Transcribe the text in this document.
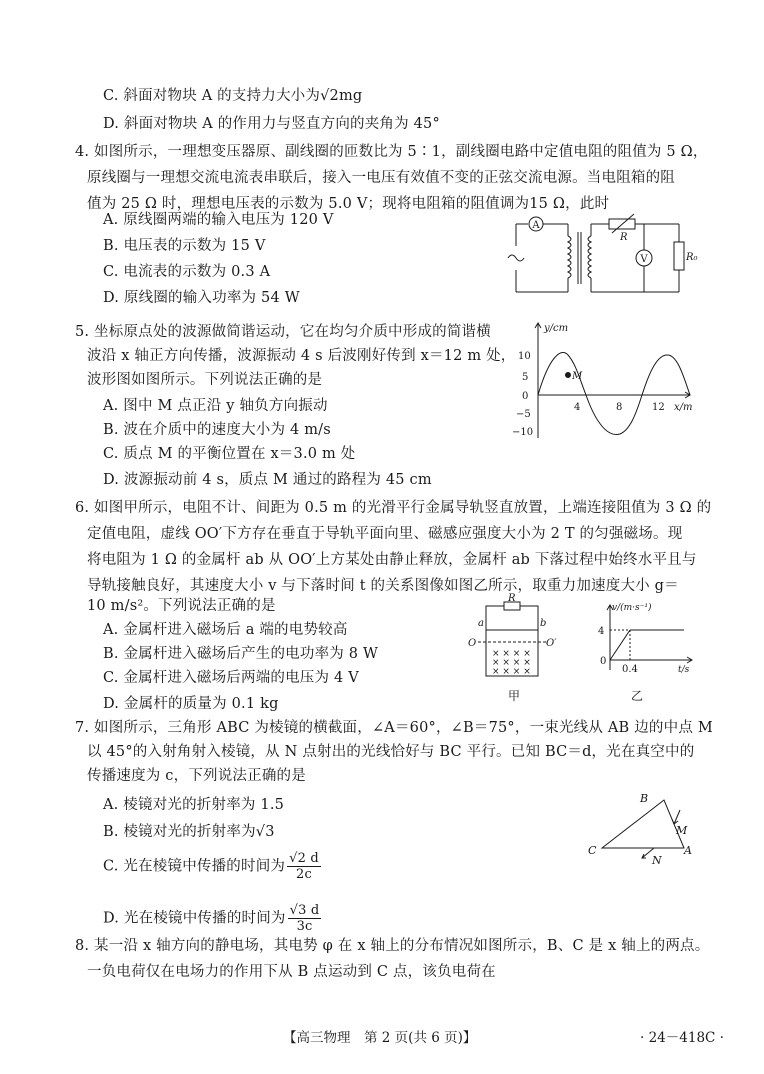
C. 斜面对物块 A 的支持力大小为√2mg
D. 斜面对物块 A 的作用力与竖直方向的夹角为 45°
4. 如图所示，一理想变压器原、副线圈的匝数比为 5∶1，副线圈电路中定值电阻的阻值为 5 Ω，
原线圈与一理想交流电流表串联后，接入一电压有效值不变的正弦交流电源。当电阻箱的阻
值为 25 Ω 时，理想电压表的示数为 5.0 V；现将电阻箱的阻值调为15 Ω，此时
A. 原线圈两端的输入电压为 120 V
B. 电压表的示数为 15 V
C. 电流表的示数为 0.3 A
D. 原线圈的输入功率为 54 W
5. 坐标原点处的波源做简谐运动，它在均匀介质中形成的简谐横
波沿 x 轴正方向传播，波源振动 4 s 后波刚好传到 x＝12 m 处，
波形图如图所示。下列说法正确的是
A. 图中 M 点正沿 y 轴负方向振动
B. 波在介质中的速度大小为 4 m/s
C. 质点 M 的平衡位置在 x＝3.0 m 处
D. 波源振动前 4 s，质点 M 通过的路程为 45 cm
6. 如图甲所示，电阻不计、间距为 0.5 m 的光滑平行金属导轨竖直放置，上端连接阻值为 3 Ω 的
定值电阻，虚线 OO′下方存在垂直于导轨平面向里、磁感应强度大小为 2 T 的匀强磁场。现
将电阻为 1 Ω 的金属杆 ab 从 OO′上方某处由静止释放，金属杆 ab 下落过程中始终水平且与
导轨接触良好，其速度大小 v 与下落时间 t 的关系图像如图乙所示，取重力加速度大小 g＝
10 m/s²。下列说法正确的是
A. 金属杆进入磁场后 a 端的电势较高
B. 金属杆进入磁场后产生的电功率为 8 W
C. 金属杆进入磁场后两端的电压为 4 V
D. 金属杆的质量为 0.1 kg
7. 如图所示，三角形 ABC 为棱镜的横截面，∠A＝60°，∠B＝75°，一束光线从 AB 边的中点 M
以 45°的入射角射入棱镜，从 N 点射出的光线恰好与 BC 平行。已知 BC＝d，光在真空中的
传播速度为 c，下列说法正确的是
A. 棱镜对光的折射率为 1.5
B. 棱镜对光的折射率为√3
C. 光在棱镜中传播的时间为 $\frac{√2 d}{2c}$
D. 光在棱镜中传播的时间为 $\frac{√3 d}{3c}$
8. 某一沿 x 轴方向的静电场，其电势 φ 在 x 轴上的分布情况如图所示，B、C 是 x 轴上的两点。
一负电荷仅在电场力的作用下从 B 点运动到 C 点，该负电荷在
A
R
V	R₀
y/cm
x/m
10
5
0
−5
−10
M
4	8	12
R
a	b
O	O′
× × × ×
× × × ×
× × × ×
甲
v/(m·s⁻¹)
t/s
4
0
0.4
乙
B
C	A
M
N
【高三物理　第 2 页(共 6 页)】	· 24－418C ·
